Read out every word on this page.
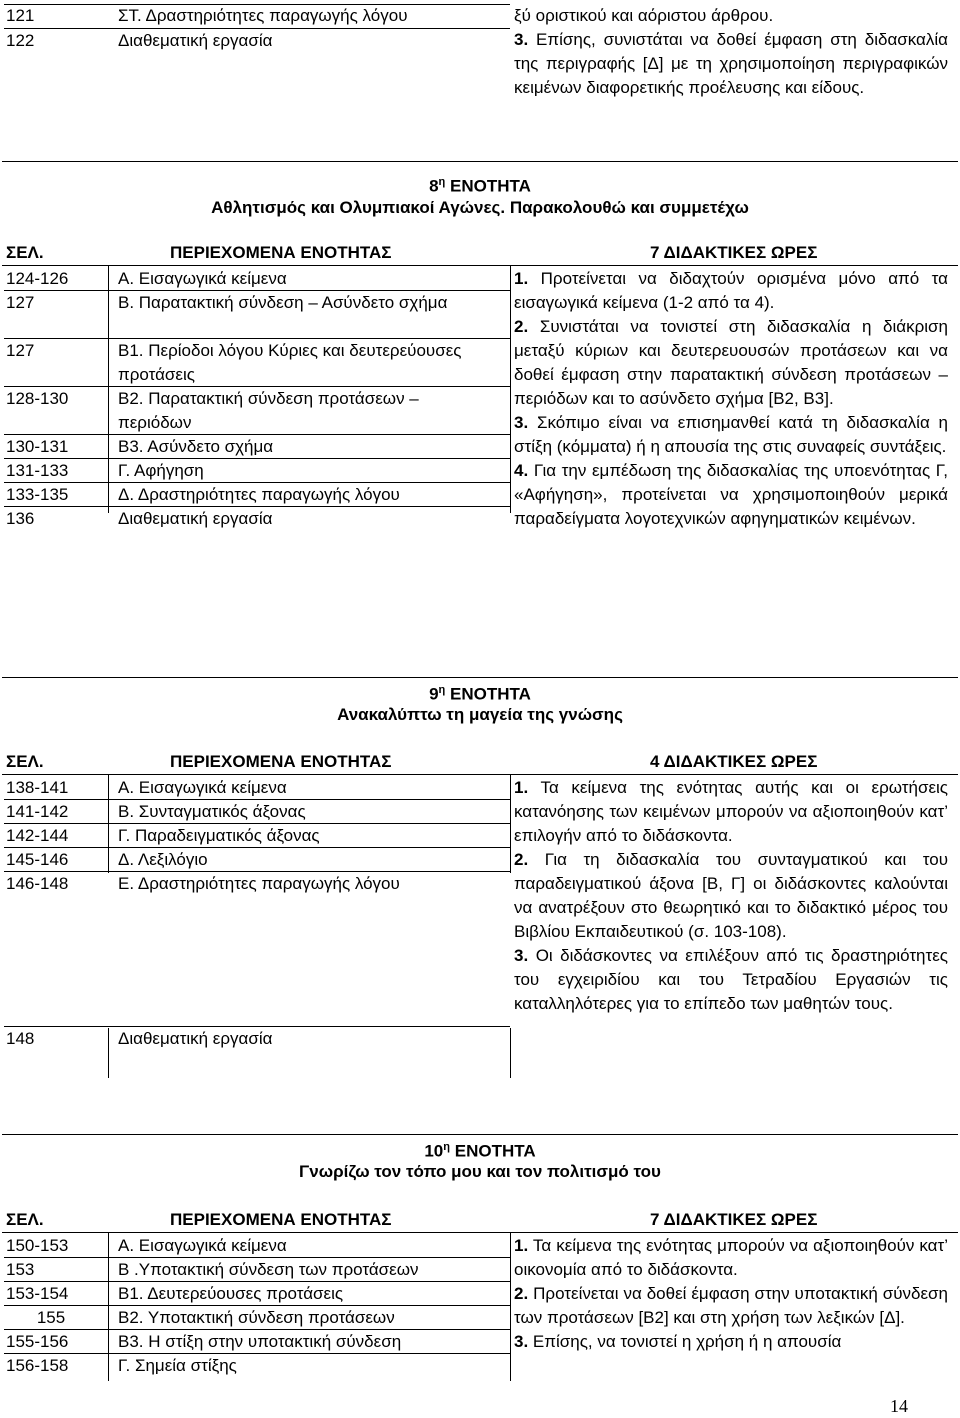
121	ΣΤ. Δραστηριότητες παραγωγής λόγου
122	Διαθεματική εργασία

ξύ οριστικού και αόριστου άρθρου.

3. Επίσης, συνιστάται να δοθεί έμφαση στη διδασκαλία της περιγραφής [Δ] με τη χρησιμοποίηση περιγραφικών κειμένων διαφορετικής προέλευσης και είδους.

$8^\eta$ ΕΝΟΤΗΤΑ
Αθλητισμός και Ολυμπιακοί Αγώνες. Παρακολουθώ και συμμετέχω
ΣΕΛ.	ΠΕΡΙΕΧΟΜΕΝΑ ΕΝΟΤΗΤΑΣ	7 ΔΙΔΑΚΤΙΚΕΣ ΩΡΕΣ
124-126	Α. Εισαγωγικά κείμενα
127	Β. Παρατακτική σύνδεση – Ασύνδετο σχήμα
127	Β1. Περίοδοι λόγου Κύριες και δευτερεύουσες προτάσεις
128-130	Β2. Παρατακτική σύνδεση προτάσεων – περιόδων
130-131	Β3. Ασύνδετο σχήμα
131-133	Γ. Αφήγηση
133-135	Δ. Δραστηριότητες παραγωγής λόγου
136	Διαθεματική εργασία

1. Προτείνεται να διδαχτούν ορισμένα μόνο από τα εισαγωγικά κείμενα (1-2 από τα 4).

2. Συνιστάται να τονιστεί στη διδασκαλία η διάκριση μεταξύ κύριων και δευτερευουσών προτάσεων και να δοθεί έμφαση στην παρατακτική σύνδεση προτάσεων – περιόδων και το ασύνδετο σχήμα [Β2, Β3].

3. Σκόπιμο είναι να επισημανθεί κατά τη διδασκαλία η στίξη (κόμματα) ή η απουσία της στις συναφείς συντάξεις.

4. Για την εμπέδωση της διδασκαλίας της υποενότητας Γ, «Αφήγηση», προτείνεται να χρησιμοποιηθούν μερικά παραδείγματα λογοτεχνικών αφηγηματικών κειμένων.

$9^\eta$ ΕΝΟΤΗΤΑ
Ανακαλύπτω τη μαγεία της γνώσης
ΣΕΛ.	ΠΕΡΙΕΧΟΜΕΝΑ ΕΝΟΤΗΤΑΣ	4 ΔΙΔΑΚΤΙΚΕΣ ΩΡΕΣ
138-141	Α. Εισαγωγικά κείμενα
141-142	Β. Συνταγματικός άξονας
142-144	Γ. Παραδειγματικός άξονας
145-146	Δ. Λεξιλόγιο
146-148	Ε. Δραστηριότητες παραγωγής λόγου
148	Διαθεματική εργασία

1. Τα κείμενα της ενότητας αυτής και οι ερωτήσεις κατανόησης των κειμένων μπορούν να αξιοποιηθούν κατ’ επιλογήν από το διδάσκοντα.

2. Για τη διδασκαλία του συνταγματικού και του παραδειγματικού άξονα [Β, Γ] οι διδάσκοντες καλούνται να ανατρέξουν στο θεωρητικό και το διδακτικό μέρος του Βιβλίου Εκπαιδευτικού (σ. 103-108).

3. Οι διδάσκοντες να επιλέξουν από τις δραστηριότητες του εγχειριδίου και του Τετραδίου Εργασιών τις καταλληλότερες για το επίπεδο των μαθητών τους.

$10^\eta$ ΕΝΟΤΗΤΑ
Γνωρίζω τον τόπο μου και τον πολιτισμό του
ΣΕΛ.	ΠΕΡΙΕΧΟΜΕΝΑ ΕΝΟΤΗΤΑΣ	7 ΔΙΔΑΚΤΙΚΕΣ ΩΡΕΣ
150-153	Α. Εισαγωγικά κείμενα
153	Β .Υποτακτική σύνδεση των προτάσεων
153-154	Β1. Δευτερεύουσες προτάσεις
155	Β2. Υποτακτική σύνδεση προτάσεων
155-156	Β3. Η στίξη στην υποτακτική σύνδεση
156-158	Γ. Σημεία στίξης

1. Τα κείμενα της ενότητας μπορούν να αξιοποιηθούν κατ’ οικονομία από το διδάσκοντα.

2. Προτείνεται να δοθεί έμφαση στην υποτακτική σύνδεση των προτάσεων [Β2] και στη χρήση των λεξικών [Δ].

3. Επίσης, να τονιστεί η χρήση ή η απουσία

14
